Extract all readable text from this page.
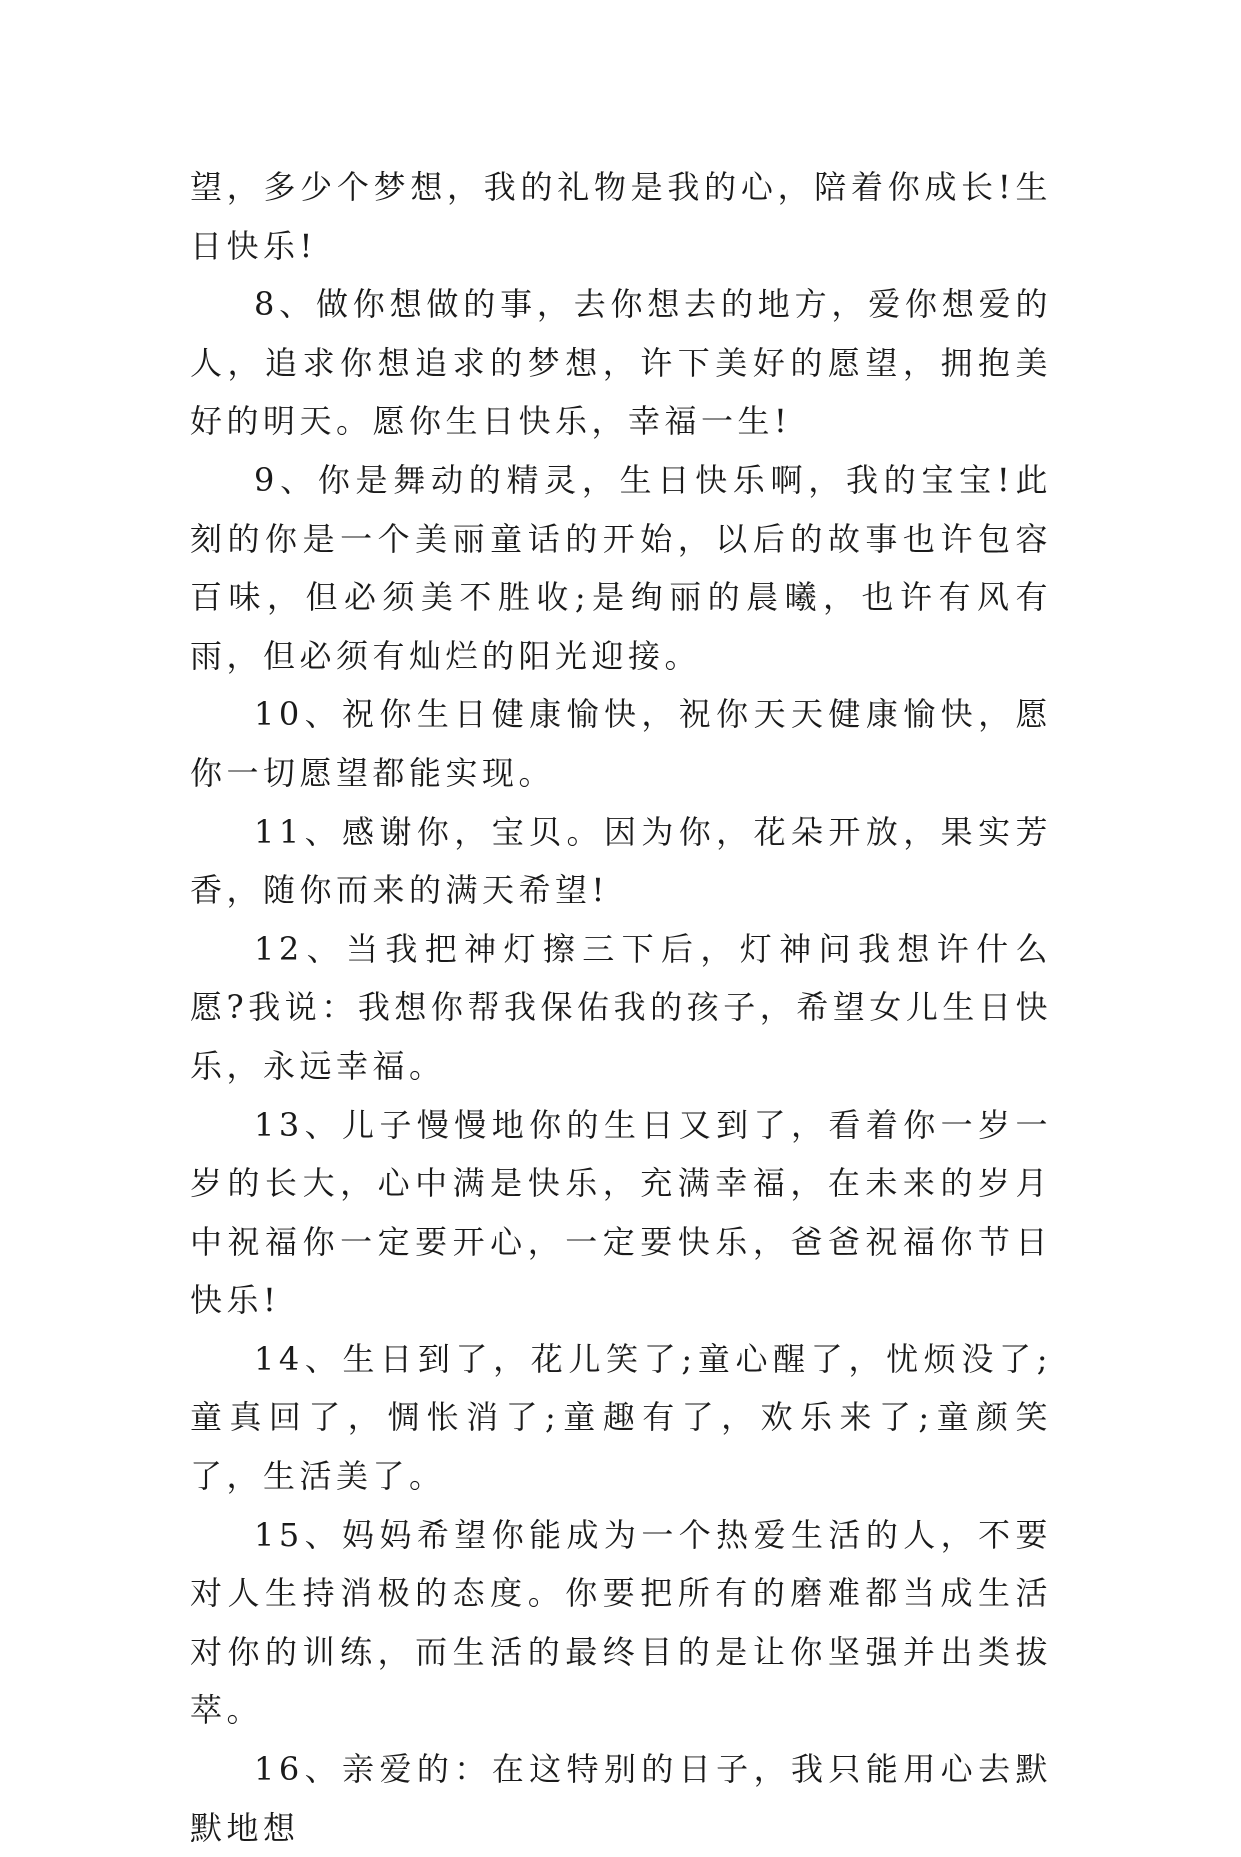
望，多少个梦想，我的礼物是我的心，陪着你成长!生日快乐!

8、做你想做的事，去你想去的地方，爱你想爱的人，追求你想追求的梦想，许下美好的愿望，拥抱美好的明天。愿你生日快乐，幸福一生!

9、你是舞动的精灵，生日快乐啊，我的宝宝!此刻的你是一个美丽童话的开始，以后的故事也许包容百味，但必须美不胜收;是绚丽的晨曦，也许有风有雨，但必须有灿烂的阳光迎接。

10、祝你生日健康愉快，祝你天天健康愉快，愿你一切愿望都能实现。

11、感谢你，宝贝。因为你，花朵开放，果实芳香，随你而来的满天希望!

12、当我把神灯擦三下后，灯神问我想许什么愿?我说：我想你帮我保佑我的孩子，希望女儿生日快乐，永远幸福。

13、儿子慢慢地你的生日又到了，看着你一岁一岁的长大，心中满是快乐，充满幸福，在未来的岁月中祝福你一定要开心，一定要快乐，爸爸祝福你节日快乐!

14、生日到了，花儿笑了;童心醒了，忧烦没了;童真回了，惆怅消了;童趣有了，欢乐来了;童颜笑了，生活美了。

15、妈妈希望你能成为一个热爱生活的人，不要对人生持消极的态度。你要把所有的磨难都当成生活对你的训练，而生活的最终目的是让你坚强并出类拔萃。

16、亲爱的：在这特别的日子，我只能用心去默默地想
